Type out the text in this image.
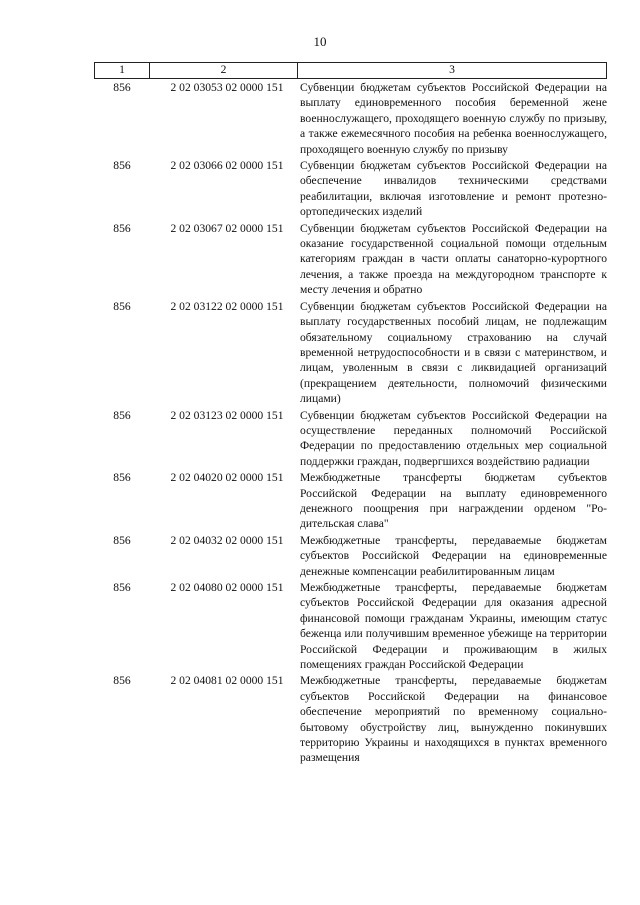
10
1	2	3
856	2 02 03053 02 0000 151	Субвенции бюджетам субъектов Российской Федерации на выплату единовременного пособия беременной жене военнослужащего, проходящего военную службу по призыву, а также ежемесячного пособия на ребенка военнослужащего, проходящего военную службу по призыву
856	2 02 03066 02 0000 151	Субвенции бюджетам субъектов Российской Федерации на обеспечение инвалидов техническими средствами реабилитации, включая изготовление и ремонт протезно-ортопедических изделий
856	2 02 03067 02 0000 151	Субвенции бюджетам субъектов Российской Федерации на оказание государственной социальной помощи отдельным категориям граждан в части оплаты санаторно-курортного лечения, а также проезда на междугородном транспорте к месту лечения и обратно
856	2 02 03122 02 0000 151	Субвенции бюджетам субъектов Российской Федерации на выплату государственных пособий лицам, не подлежащим обязательному социальному страхованию на случай временной нетрудоспособности и в связи с материнством, и лицам, уволенным в связи с ликвидацией организаций (прекращением деятельности, полномочий физическими лицами)
856	2 02 03123 02 0000 151	Субвенции бюджетам субъектов Российской Федерации на осуществление переданных полномочий Российской Федерации по предоставлению отдельных мер социальной поддержки граждан, подвергшихся воздействию радиации
856	2 02 04020 02 0000 151	Межбюджетные трансферты бюджетам субъектов Российской Федерации на выплату единовременного денежного поощрения при награждении орденом "Родительская слава"
856	2 02 04032 02 0000 151	Межбюджетные трансферты, передаваемые бюджетам субъектов Российской Федерации на единовременные денежные компенсации реабилитированным лицам
856	2 02 04080 02 0000 151	Межбюджетные трансферты, передаваемые бюджетам субъектов Российской Федерации для оказания адресной финансовой помощи гражданам Украины, имеющим статус беженца или получившим временное убежище на территории Российской Федерации и проживающим в жилых помещениях граждан Российской Федерации
856	2 02 04081 02 0000 151	Межбюджетные трансферты, передаваемые бюджетам субъектов Российской Федерации на финансовое обеспечение мероприятий по временному социально-бытовому обустройству лиц, вынужденно покинувших территорию Украины и находящихся в пунктах временного размещения
